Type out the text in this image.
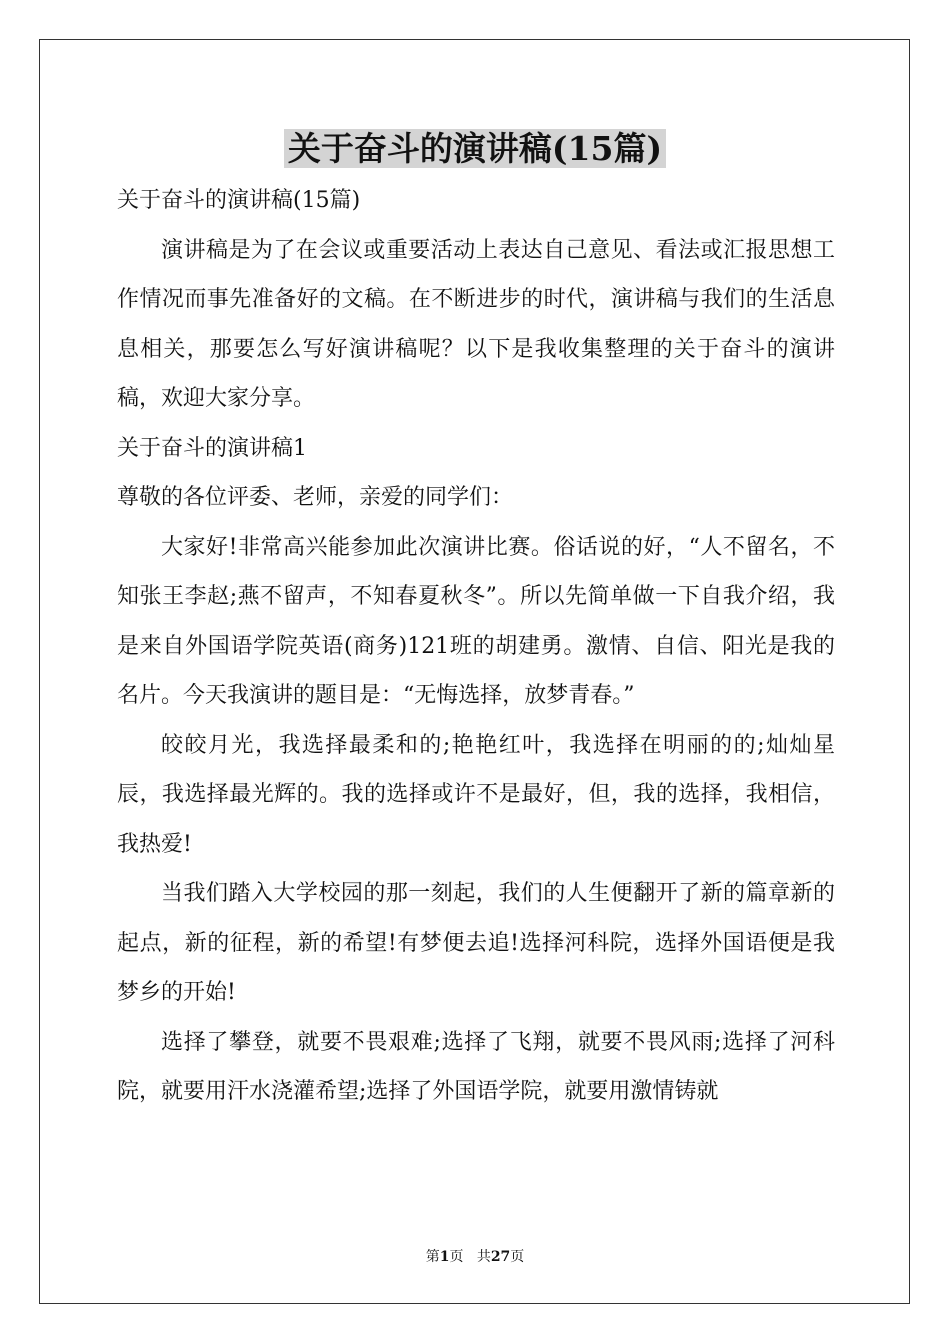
关于奋斗的演讲稿(15篇)

关于奋斗的演讲稿(15篇)

演讲稿是为了在会议或重要活动上表达自己意见、看法或汇报思想工作情况而事先准备好的文稿。在不断进步的时代，演讲稿与我们的生活息息相关，那要怎么写好演讲稿呢？以下是我收集整理的关于奋斗的演讲稿，欢迎大家分享。

关于奋斗的演讲稿1

尊敬的各位评委、老师，亲爱的同学们：

大家好!非常高兴能参加此次演讲比赛。俗话说的好，“人不留名，不知张王李赵;燕不留声，不知春夏秋冬”。所以先简单做一下自我介绍，我是来自外国语学院英语(商务)121班的胡建勇。激情、自信、阳光是我的名片。今天我演讲的题目是：“无悔选择，放梦青春。”

皎皎月光，我选择最柔和的;艳艳红叶，我选择在明丽的的;灿灿星辰，我选择最光辉的。我的选择或许不是最好，但，我的选择，我相信，我热爱!

当我们踏入大学校园的那一刻起，我们的人生便翻开了新的篇章新的起点，新的征程，新的希望!有梦便去追!选择河科院，选择外国语便是我梦乡的开始!

选择了攀登，就要不畏艰难;选择了飞翔，就要不畏风雨;选择了河科院，就要用汗水浇灌希望;选择了外国语学院，就要用激情铸就

第1页 共27页
